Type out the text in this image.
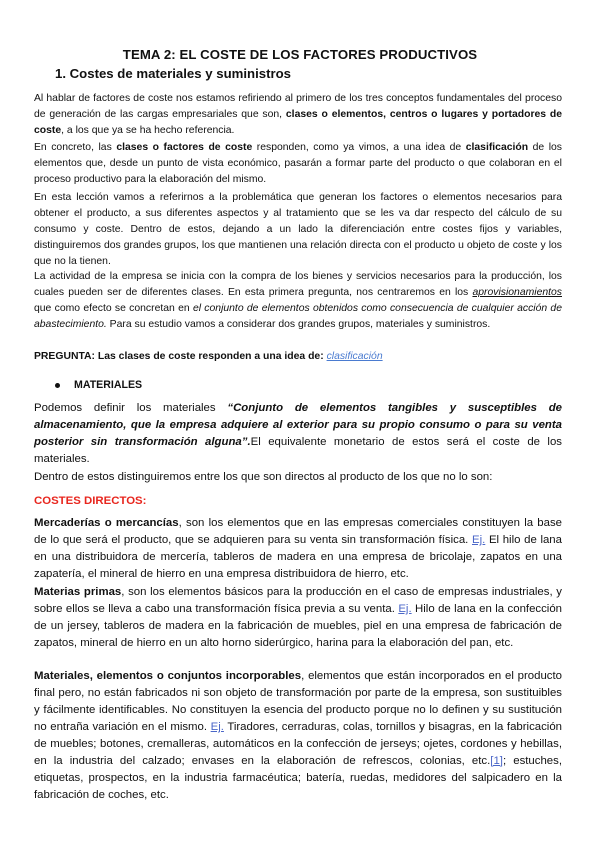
TEMA 2: EL COSTE DE LOS FACTORES PRODUCTIVOS
1. Costes de materiales y suministros
Al hablar de factores de coste nos estamos refiriendo al primero de los tres conceptos fundamentales del proceso de generación de las cargas empresariales que son, clases o elementos, centros o lugares y portadores de coste, a los que ya se ha hecho referencia.
En concreto, las clases o factores de coste responden, como ya vimos, a una idea de clasificación de los elementos que, desde un punto de vista económico, pasarán a formar parte del producto o que colaboran en el proceso productivo para la elaboración del mismo.
En esta lección vamos a referirnos a la problemática que generan los factores o elementos necesarios para obtener el producto, a sus diferentes aspectos y al tratamiento que se les va dar respecto del cálculo de su consumo y coste. Dentro de estos, dejando a un lado la diferenciación entre costes fijos y variables, distinguiremos dos grandes grupos, los que mantienen una relación directa con el producto u objeto de coste y los que no la tienen.
La actividad de la empresa se inicia con la compra de los bienes y servicios necesarios para la producción, los cuales pueden ser de diferentes clases. En esta primera pregunta, nos centraremos en los aprovisionamientos que como efecto se concretan en el conjunto de elementos obtenidos como consecuencia de cualquier acción de abastecimiento. Para su estudio vamos a considerar dos grandes grupos, materiales y suministros.
PREGUNTA: Las clases de coste responden a una idea de: clasificación
MATERIALES
Podemos definir los materiales “Conjunto de elementos tangibles y susceptibles de almacenamiento, que la empresa adquiere al exterior para su propio consumo o para su venta posterior sin transformación alguna”.El equivalente monetario de estos será el coste de los materiales.
Dentro de estos distinguiremos entre los que son directos al producto de los que no lo son:
COSTES DIRECTOS:
Mercaderías o mercancías, son los elementos que en las empresas comerciales constituyen la base de lo que será el producto, que se adquieren para su venta sin transformación física. Ej. El hilo de lana en una distribuidora de mercería, tableros de madera en una empresa de bricolaje, zapatos en una zapatería, el mineral de hierro en una empresa distribuidora de hierro, etc.
Materias primas, son los elementos básicos para la producción en el caso de empresas industriales, y sobre ellos se lleva a cabo una transformación física previa a su venta. Ej. Hilo de lana en la confección de un jersey, tableros de madera en la fabricación de muebles, piel en una empresa de fabricación de zapatos, mineral de hierro en un alto horno siderúrgico, harina para la elaboración del pan, etc.
Materiales, elementos o conjuntos incorporables, elementos que están incorporados en el producto final pero, no están fabricados ni son objeto de transformación por parte de la empresa, son sustituibles y fácilmente identificables. No constituyen la esencia del producto porque no lo definen y su sustitución no entraña variación en el mismo. Ej. Tiradores, cerraduras, colas, tornillos y bisagras, en la fabricación de muebles; botones, cremalleras, automáticos en la confección de jerseys; ojetes, cordones y hebillas, en la industria del calzado; envases en la elaboración de refrescos, colonias, etc.[1]; estuches, etiquetas, prospectos, en la industria farmacéutica; batería, ruedas, medidores del salpicadero en la fabricación de coches, etc.
